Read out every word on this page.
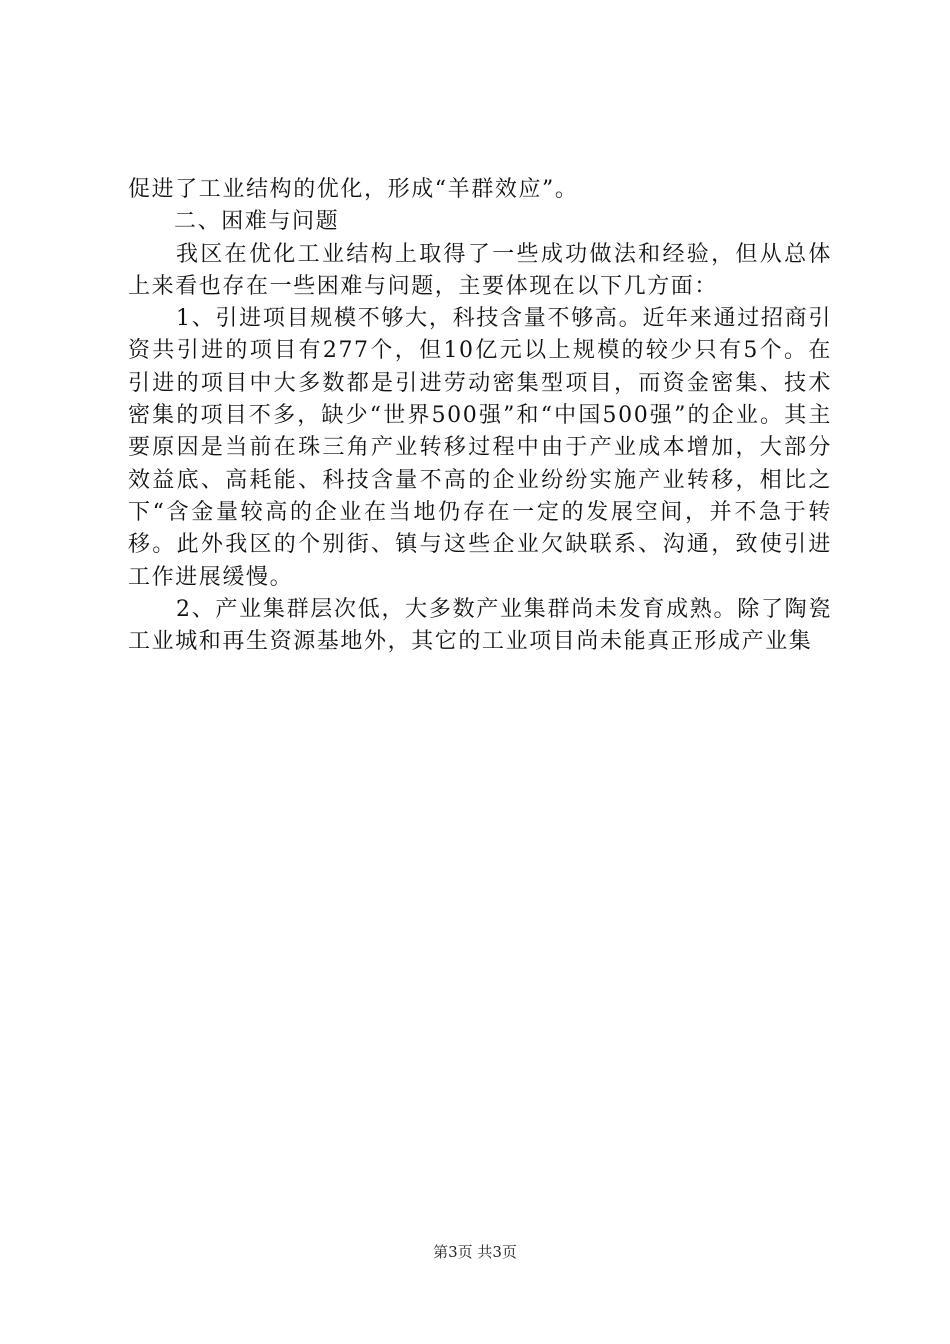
促进了工业结构的优化，形成“羊群效应”。

二、困难与问题

我区在优化工业结构上取得了一些成功做法和经验，但从总体上来看也存在一些困难与问题，主要体现在以下几方面：

1、引进项目规模不够大，科技含量不够高。近年来通过招商引资共引进的项目有277个，但10亿元以上规模的较少只有5个。在引进的项目中大多数都是引进劳动密集型项目，而资金密集、技术密集的项目不多，缺少“世界500强”和“中国500强”的企业。其主要原因是当前在珠三角产业转移过程中由于产业成本增加，大部分效益底、高耗能、科技含量不高的企业纷纷实施产业转移，相比之下“含金量较高的企业在当地仍存在一定的发展空间，并不急于转移。此外我区的个别街、镇与这些企业欠缺联系、沟通，致使引进工作进展缓慢。

2、产业集群层次低，大多数产业集群尚未发育成熟。除了陶瓷工业城和再生资源基地外，其它的工业项目尚未能真正形成产业集

第3页 共3页
